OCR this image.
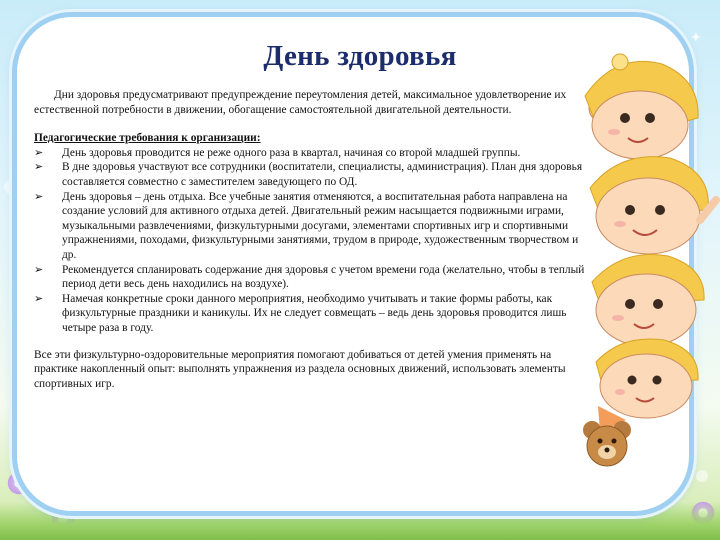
✦
День здоровья

Дни здоровья предусматривают предупреждение переутомления детей, максимальное удовлетворение их естественной потребности в движении, обогащение самостоятельной двигательной деятельности.

Педагогические требования к организации:

➢ День здоровья проводится не реже одного раза в квартал, начиная со второй младшей группы.
➢ В дне здоровья участвуют все сотрудники (воспитатели, специалисты, администрация). План дня здоровья составляется совместно с заместителем заведующего по ОД.
➢ День здоровья – день отдыха. Все учебные занятия отменяются, а воспитательная работа направлена на создание условий для активного отдыха детей. Двигательный режим насыщается подвижными играми, музыкальными развлечениями, физкультурными досугами, элементами спортивных игр и спортивными упражнениями, походами, физкультурными занятиями, трудом в природе, художественным творчеством и др.
➢ Рекомендуется спланировать содержание дня здоровья с учетом времени года (желательно, чтобы в теплый период дети весь день находились на воздухе).
➢ Намечая конкретные сроки данного мероприятия, необходимо учитывать и такие формы работы, как физкультурные праздники и каникулы. Их не следует совмещать – ведь день здоровья проводится лишь четыре раза в году.

Все эти физкультурно-оздоровительные мероприятия помогают добиваться от детей умения применять на практике накопленный опыт: выполнять упражнения из раздела основных движений, использовать элементы спортивных игр.
